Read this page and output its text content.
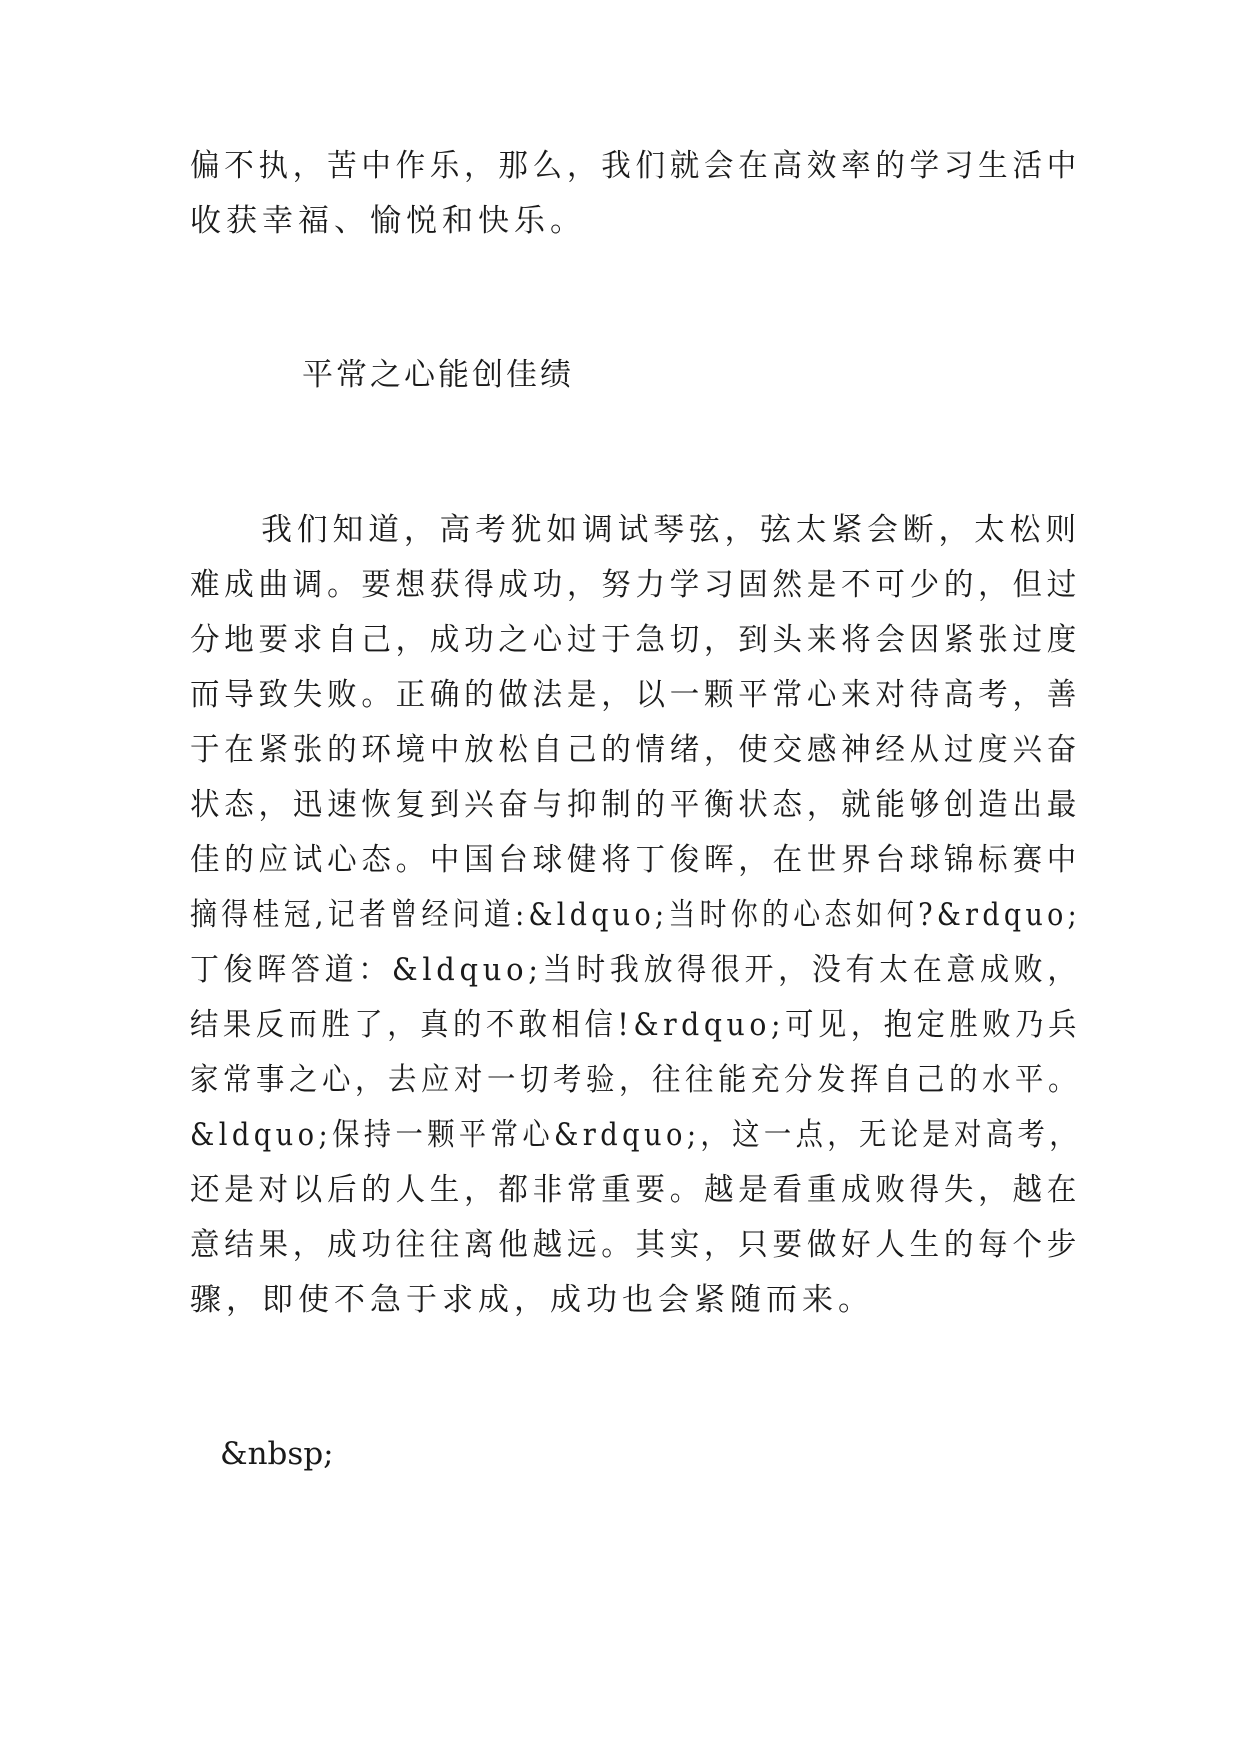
偏不执，苦中作乐，那么，我们就会在高效率的学习生活中
收获幸福、愉悦和快乐。
平常之心能创佳绩
　　我们知道，高考犹如调试琴弦，弦太紧会断，太松则
难成曲调。要想获得成功，努力学习固然是不可少的，但过
分地要求自己，成功之心过于急切，到头来将会因紧张过度
而导致失败。正确的做法是，以一颗平常心来对待高考，善
于在紧张的环境中放松自己的情绪，使交感神经从过度兴奋
状态，迅速恢复到兴奋与抑制的平衡状态，就能够创造出最
佳的应试心态。中国台球健将丁俊晖，在世界台球锦标赛中
摘得桂冠,记者曾经问道:&ldquo;当时你的心态如何?&rdquo;
丁俊晖答道：&ldquo;当时我放得很开，没有太在意成败，
结果反而胜了，真的不敢相信!&rdquo;可见，抱定胜败乃兵
家常事之心，去应对一切考验，往往能充分发挥自己的水平。
&ldquo;保持一颗平常心&rdquo;，这一点，无论是对高考，
还是对以后的人生，都非常重要。越是看重成败得失，越在
意结果，成功往往离他越远。其实，只要做好人生的每个步
骤，即使不急于求成，成功也会紧随而来。
&nbsp;
